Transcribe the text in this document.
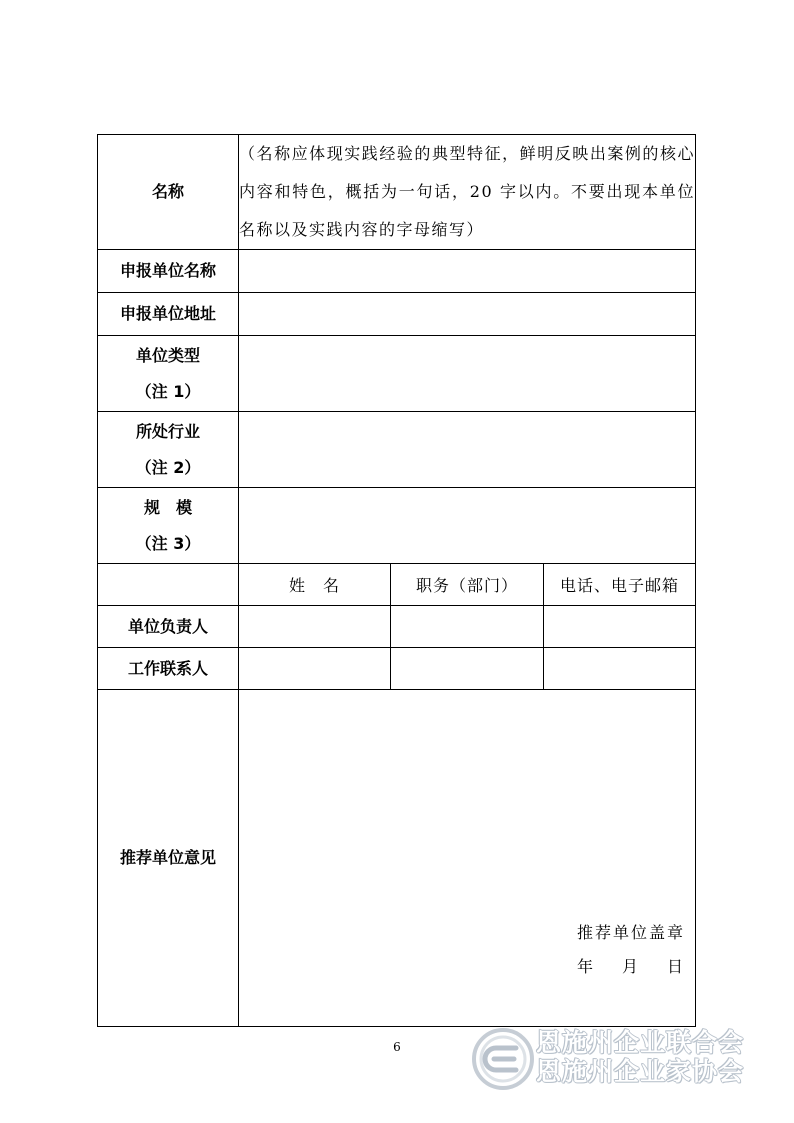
名称	（名称应体现实践经验的典型特征，鲜明反映出案例的核心内容和特色，概括为一句话，20 字以内。不要出现本单位名称以及实践内容的字母缩写）		
申报单位名称			
申报单位地址			

单位类型
（注 1）			

所处行业
（注 2）			

规　模
（注 3）			

	姓　名	职务（部门）	电话、电子邮箱
单位负责人			
工作联系人			
推荐单位意见	推荐单位盖章
年 月 日		
6	恩施州企业联合会
恩施州企业家协会
